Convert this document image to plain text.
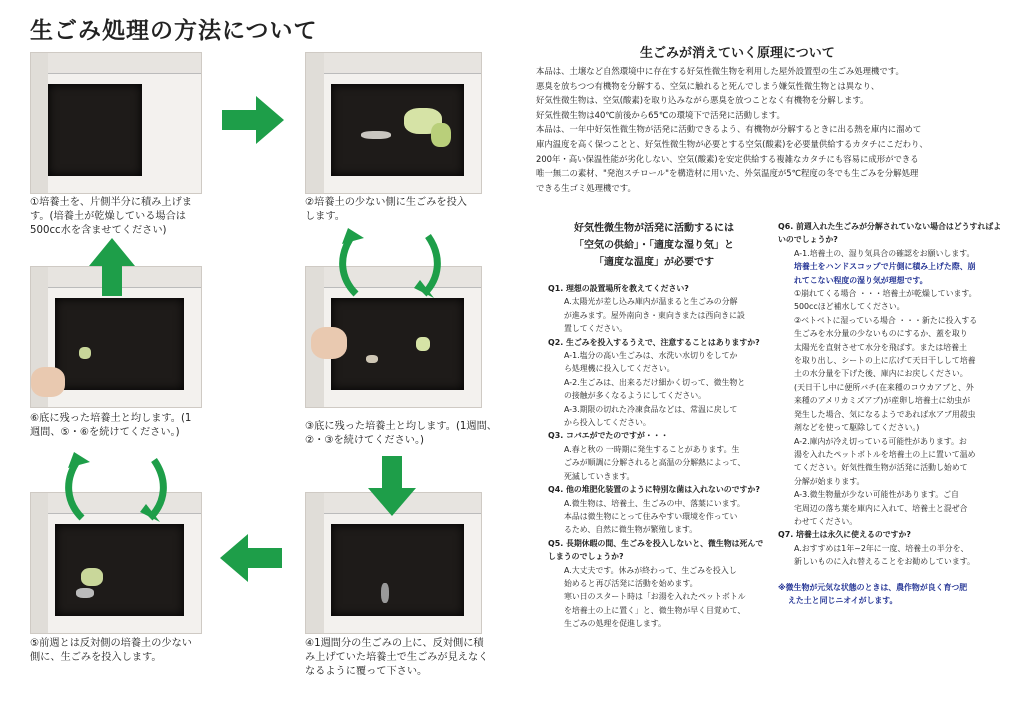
生ごみ処理の方法について
①培養土を、片側半分に積み上げます。(培養土が乾燥している場合は500cc水を含ませてください)
②培養土の少ない側に生ごみを投入します。
③底に残った培養土と均します。(1週間、②・③を続けてください。)
④1週間分の生ごみの上に、反対側に積み上げていた培養土で生ごみが見えなくなるように覆って下さい。
⑤前週とは反対側の培養土の少ない側に、生ごみを投入します。
⑥底に残った培養土と均します。(1週間、⑤・⑥を続けてください。)
生ごみが消えていく原理について
本品は、土壌など自然環境中に存在する好気性微生物を利用した屋外設置型の生ごみ処理機です。
悪臭を放ちつつ有機物を分解する、空気に触れると死んでしまう嫌気性微生物とは異なり、
好気性微生物は、空気(酸素)を取り込みながら悪臭を放つことなく有機物を分解します。
好気性微生物は40℃前後から65℃の環境下で活発に活動します。
本品は、一年中好気性微生物が活発に活動できるよう、有機物が分解するときに出る熱を庫内に溜めて
庫内温度を高く保つことと、好気性微生物が必要とする空気(酸素)を必要量供給するカタチにこだわり、
200年・高い保温性能が劣化しない、空気(酸素)を安定供給する複雑なカタチにも容易に成形ができる
唯一無二の素材、"発泡スチロール"を構造材に用いた、外気温度が5℃程度の冬でも生ごみを分解処理
できる生ゴミ処理機です。
好気性微生物が活発に活動するには
「空気の供給」・「適度な湿り気」と
「適度な温度」が必要です
Q1. 理想の設置場所を教えてください?
A.太陽光が差し込み庫内が温まると生ごみの分解
が進みます。屋外南向き・東向きまたは西向きに設
置してください。
Q2. 生ごみを投入するうえで、注意することはありますか?
A-1.塩分の高い生ごみは、水洗い水切りをしてか
ら処理機に投入してください。
A-2.生ごみは、出来るだけ細かく切って、微生物と
の接触が多くなるようにしてください。
A-3.期限の切れた冷凍食品などは、常温に戻して
から投入してください。
Q3. コバエがでたのですが・・・
A.春と秋の 一時期に発生することがあります。生
ごみが順調に分解されると高温の分解熱によって、
死滅していきます。
Q4. 他の堆肥化装置のように特別な菌は入れないのですか?
A.微生物は、培養土、生ごみの中、落葉にいます。
本品は微生物にとって住みやすい環境を作ってい
るため、自然に微生物が繁殖します。
Q5. 長期休暇の間、生ごみを投入しないと、微生物は死んでしまうのでしょうか?
A.大丈夫です。休みが終わって、生ごみを投入し
始めると再び活発に活動を始めます。
寒い日のスタート時は「お湯を入れたペットボトル
を培養土の上に置く」と、微生物が早く目覚めて、
生ごみの処理を促進します。
Q6. 前週入れた生ごみが分解されていない場合はどうすればよいのでしょうか?
A-1.培養土の、湿り気具合の確認をお願いします。
培養土をハンドスコップで片側に積み上げた際、崩
れてこない程度の湿り気が理想です。
①崩れてくる場合 ・・・培養土が乾燥しています。
500ccほど補水してください。
②ベトベトに湿っている場合 ・・・新たに投入する
生ごみを水分量の少ないものにするか、蓋を取り
太陽光を直射させて水分を飛ばす。または培養土
を取り出し、シートの上に広げて天日干しして培養
土の水分量を下げた後、庫内にお戻しください。
(天日干し中に便所バチ(在来種のコウカアブと、外
来種のアメリカミズアブ)が産卵し培養土に幼虫が
発生した場合、気になるようであれば水アブ用殺虫
剤などを使って駆除してください。)
A-2.庫内が冷え切っている可能性があります。お
湯を入れたペットボトルを培養土の上に置いて温め
てください。好気性微生物が活発に活動し始めて
分解が始まります。
A-3.微生物量が少ない可能性があります。ご自
宅周辺の落ち葉を庫内に入れて、培養土と混ぜ合
わせてください。
Q7. 培養土は永久に使えるのですか?
A.おすすめは1年~2年に一度、培養土の半分を、
新しいものに入れ替えることをお勧めしています。
※微生物が元気な状態のときは、農作物が良く育つ肥
えた土と同じニオイがします。
